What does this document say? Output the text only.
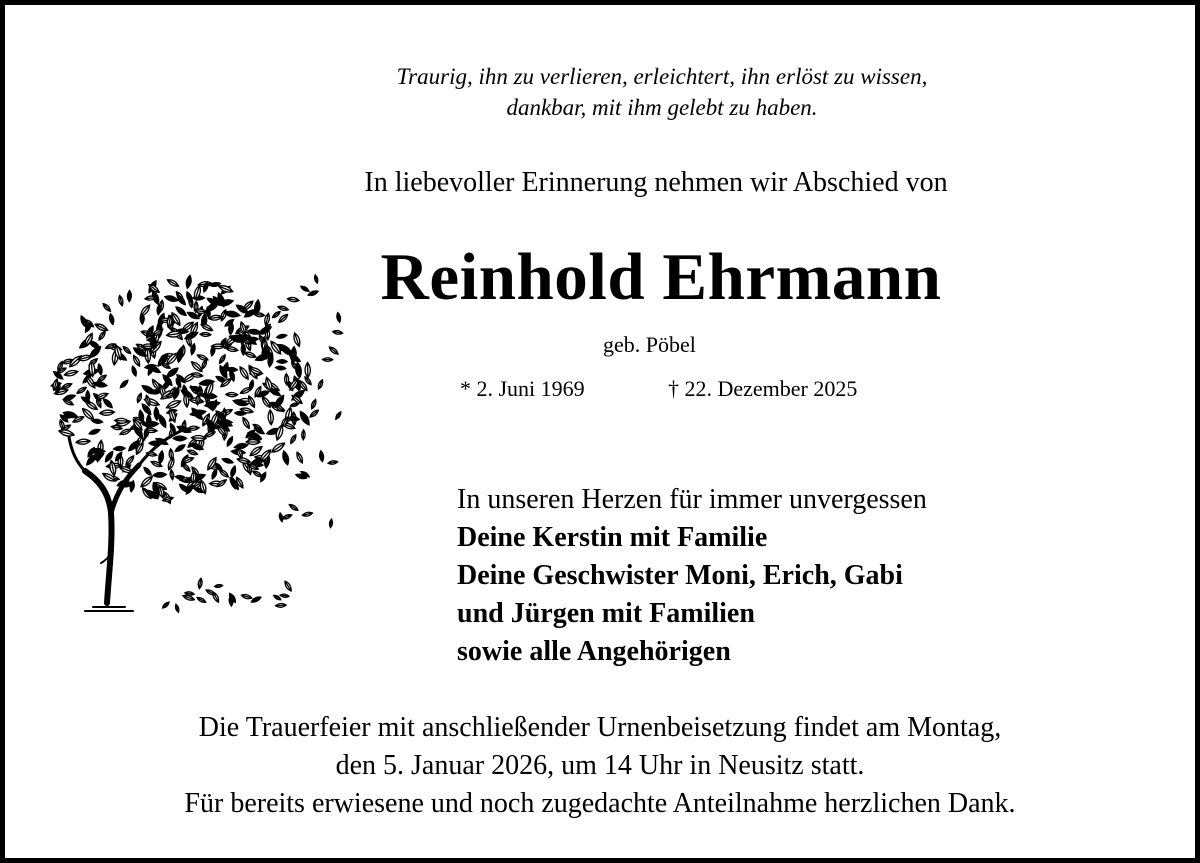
Traurig, ihn zu verlieren, erleichtert, ihn erlöst zu wissen,
dankbar, mit ihm gelebt zu haben.
In liebevoller Erinnerung nehmen wir Abschied von
Reinhold Ehrmann
geb. Pöbel
* 2. Juni 1969	† 22. Dezember 2025
In unseren Herzen für immer unvergessen
Deine Kerstin mit Familie
Deine Geschwister Moni, Erich, Gabi
und Jürgen mit Familien
sowie alle Angehörigen
Die Trauerfeier mit anschließender Urnenbeisetzung findet am Montag,
den 5. Januar 2026, um 14 Uhr in Neusitz statt.
Für bereits erwiesene und noch zugedachte Anteilnahme herzlichen Dank.
